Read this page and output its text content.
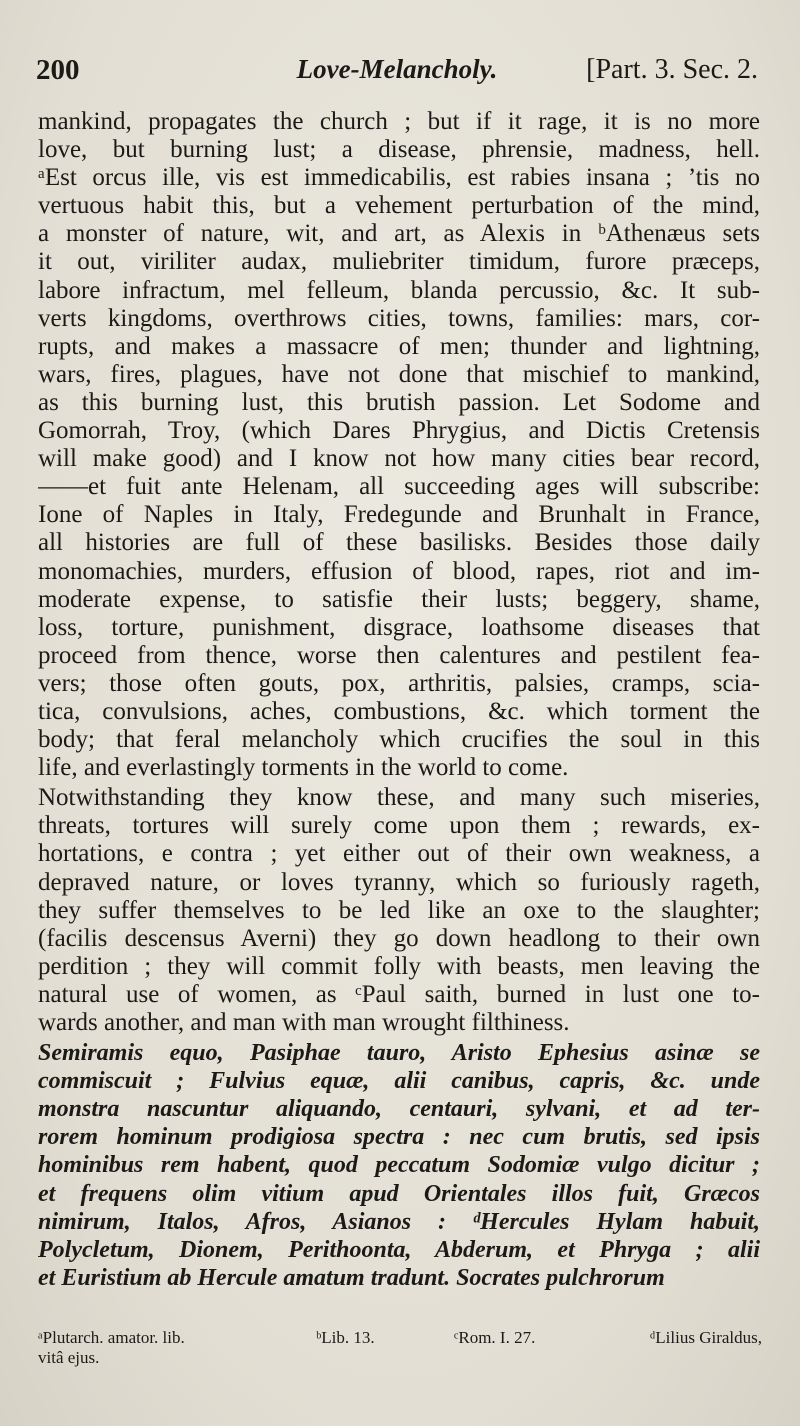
200	Love-Melancholy.	[Part. 3. Sec. 2.
mankind, propagates the church ; but if it rage, it is no more
love, but burning lust; a disease, phrensie, madness, hell.
ᵃEst orcus ille, vis est immedicabilis, est rabies insana ; ’tis no
vertuous habit this, but a vehement perturbation of the mind,
a monster of nature, wit, and art, as Alexis in ᵇAthenæus sets
it out, viriliter audax, muliebriter timidum, furore præceps,
labore infractum, mel felleum, blanda percussio, &c. It sub-
verts kingdoms, overthrows cities, towns, families: mars, cor-
rupts, and makes a massacre of men; thunder and lightning,
wars, fires, plagues, have not done that mischief to mankind,
as this burning lust, this brutish passion. Let Sodome and
Gomorrah, Troy, (which Dares Phrygius, and Dictis Cretensis
will make good) and I know not how many cities bear record,
——et fuit ante Helenam, all succeeding ages will subscribe:
Ione of Naples in Italy, Fredegunde and Brunhalt in France,
all histories are full of these basilisks. Besides those daily
monomachies, murders, effusion of blood, rapes, riot and im-
moderate expense, to satisfie their lusts; beggery, shame,
loss, torture, punishment, disgrace, loathsome diseases that
proceed from thence, worse then calentures and pestilent fea-
vers; those often gouts, pox, arthritis, palsies, cramps, scia-
tica, convulsions, aches, combustions, &c. which torment the
body; that feral melancholy which crucifies the soul in this
life, and everlastingly torments in the world to come.
Notwithstanding they know these, and many such miseries,
threats, tortures will surely come upon them ; rewards, ex-
hortations, e contra ; yet either out of their own weakness, a
depraved nature, or loves tyranny, which so furiously rageth,
they suffer themselves to be led like an oxe to the slaughter;
(facilis descensus Averni) they go down headlong to their own
perdition ; they will commit folly with beasts, men leaving the
natural use of women, as ᶜPaul saith, burned in lust one to-
wards another, and man with man wrought filthiness.
Semiramis equo, Pasiphae tauro, Aristo Ephesius asinæ se
commiscuit ; Fulvius equæ, alii canibus, capris, &c. unde
monstra nascuntur aliquando, centauri, sylvani, et ad ter-
rorem hominum prodigiosa spectra : nec cum brutis, sed ipsis
hominibus rem habent, quod peccatum Sodomiæ vulgo dicitur ;
et frequens olim vitium apud Orientales illos fuit, Græcos
nimirum, Italos, Afros, Asianos : ᵈHercules Hylam habuit,
Polycletum, Dionem, Perithoonta, Abderum, et Phryga ; alii
et Euristium ab Hercule amatum tradunt. Socrates pulchrorum
ᵃPlutarch. amator. lib.
vitâ ejus.
ᵇLib. 13.	ᶜRom. I. 27.	ᵈLilius Giraldus,
